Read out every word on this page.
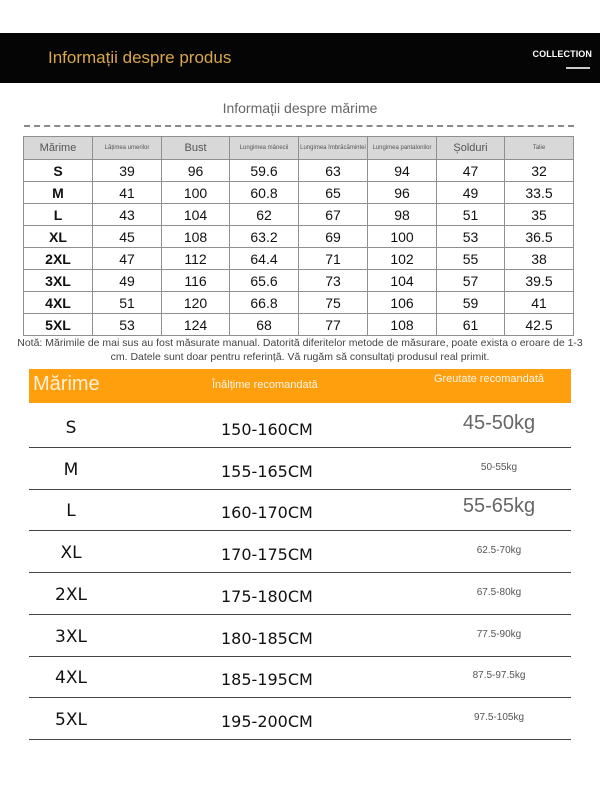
Informații despre produs	COLLECTION
Informații despre mărime
Mărime	Lățimea umerilor	Bust	Lungimea mânecii	Lungimea îmbrăcămintei	Lungimea pantalonilor	Șolduri	Talie
S	39	96	59.6	63	94	47	32
M	41	100	60.8	65	96	49	33.5
L	43	104	62	67	98	51	35
XL	45	108	63.2	69	100	53	36.5
2XL	47	112	64.4	71	102	55	38
3XL	49	116	65.6	73	104	57	39.5
4XL	51	120	66.8	75	106	59	41
5XL	53	124	68	77	108	61	42.5
Notă: Mărimile de mai sus au fost măsurate manual. Datorită diferitelor metode de măsurare, poate exista o eroare de 1-3 cm. Datele sunt doar pentru referință. Vă rugăm să consultați produsul real primit.
Mărime	Înălțime recomandată	Greutate recomandată
S	150-160CM	45-50kg
M	155-165CM	50-55kg
L	160-170CM	55-65kg
XL	170-175CM	62.5-70kg
2XL	175-180CM	67.5-80kg
3XL	180-185CM	77.5-90kg
4XL	185-195CM	87.5-97.5kg
5XL	195-200CM	97.5-105kg
